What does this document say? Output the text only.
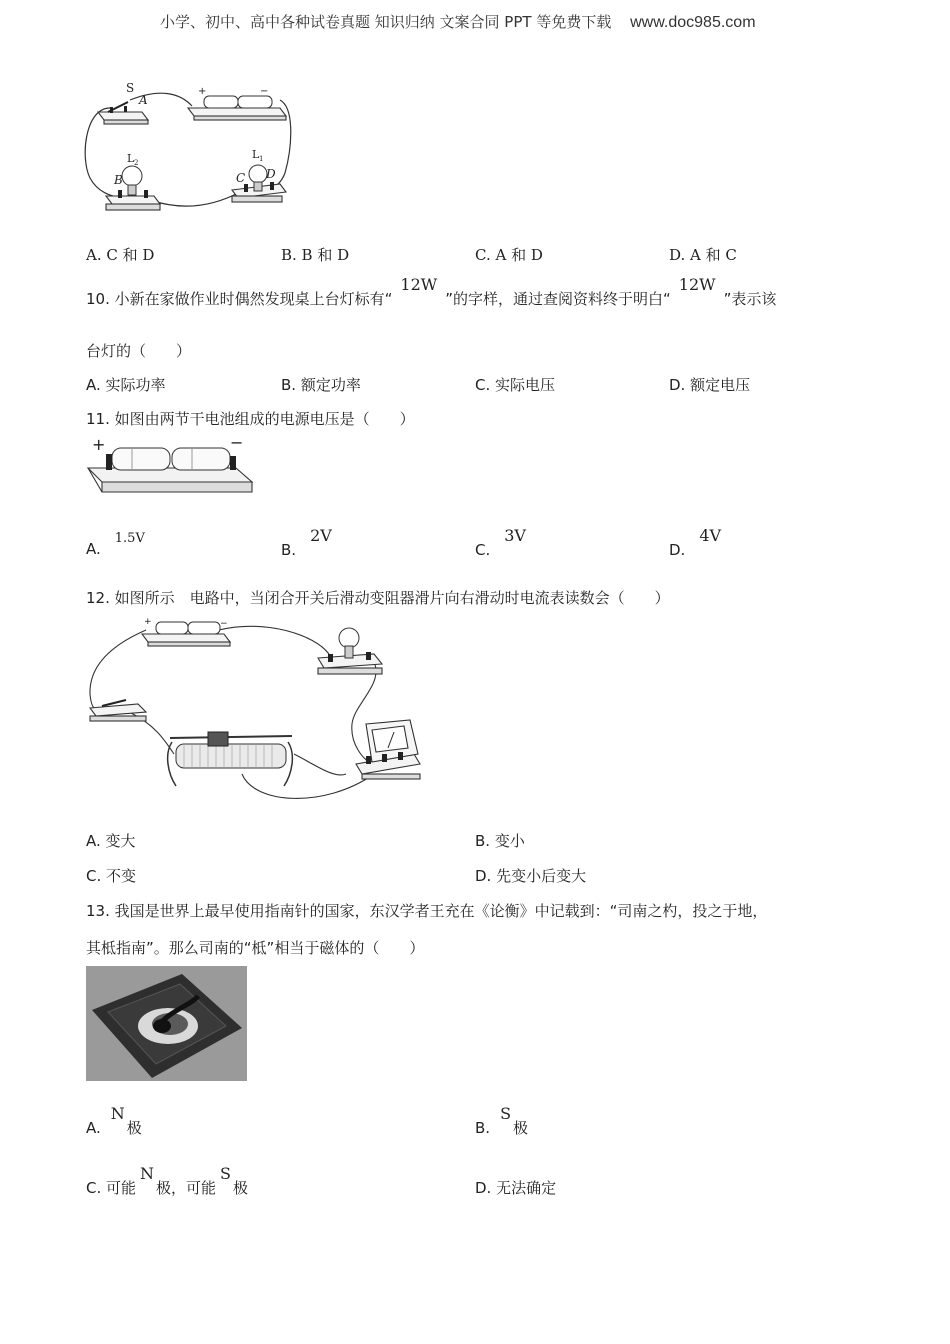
小学、初中、高中各种试卷真题 知识归纳 文案合同 PPT 等免费下载 www.doc985.com
S
A
+	−
L 2
B
L 1
C D
A. C 和 D	B. B 和 D	C. A 和 D	D. A 和 C
10. 小新在家做作业时偶然发现桌上台灯标有“12W”的字样，通过查阅资料终于明白“12W”表示该
台灯的（　　）
A. 实际功率	B. 额定功率	C. 实际电压	D. 额定电压
11. 如图由两节干电池组成的电源电压是（　　）
+	−
A.1.5V
B.2V
C.3V
D.4V
12. 如图所示　电路中，当闭合开关后滑动变阻器滑片向右滑动时电流表读数会（　　）
+	−
A. 变大	B. 变小
C. 不变	D. 先变小后变大
13. 我国是世界上最早使用指南针的国家，东汉学者王充在《论衡》中记载到：“司南之杓，投之于地，
其柢指南”。那么司南的“柢”相当于磁体的（　　）
A.N极	B.S极
C. 可能N极，可能S极	D. 无法确定
